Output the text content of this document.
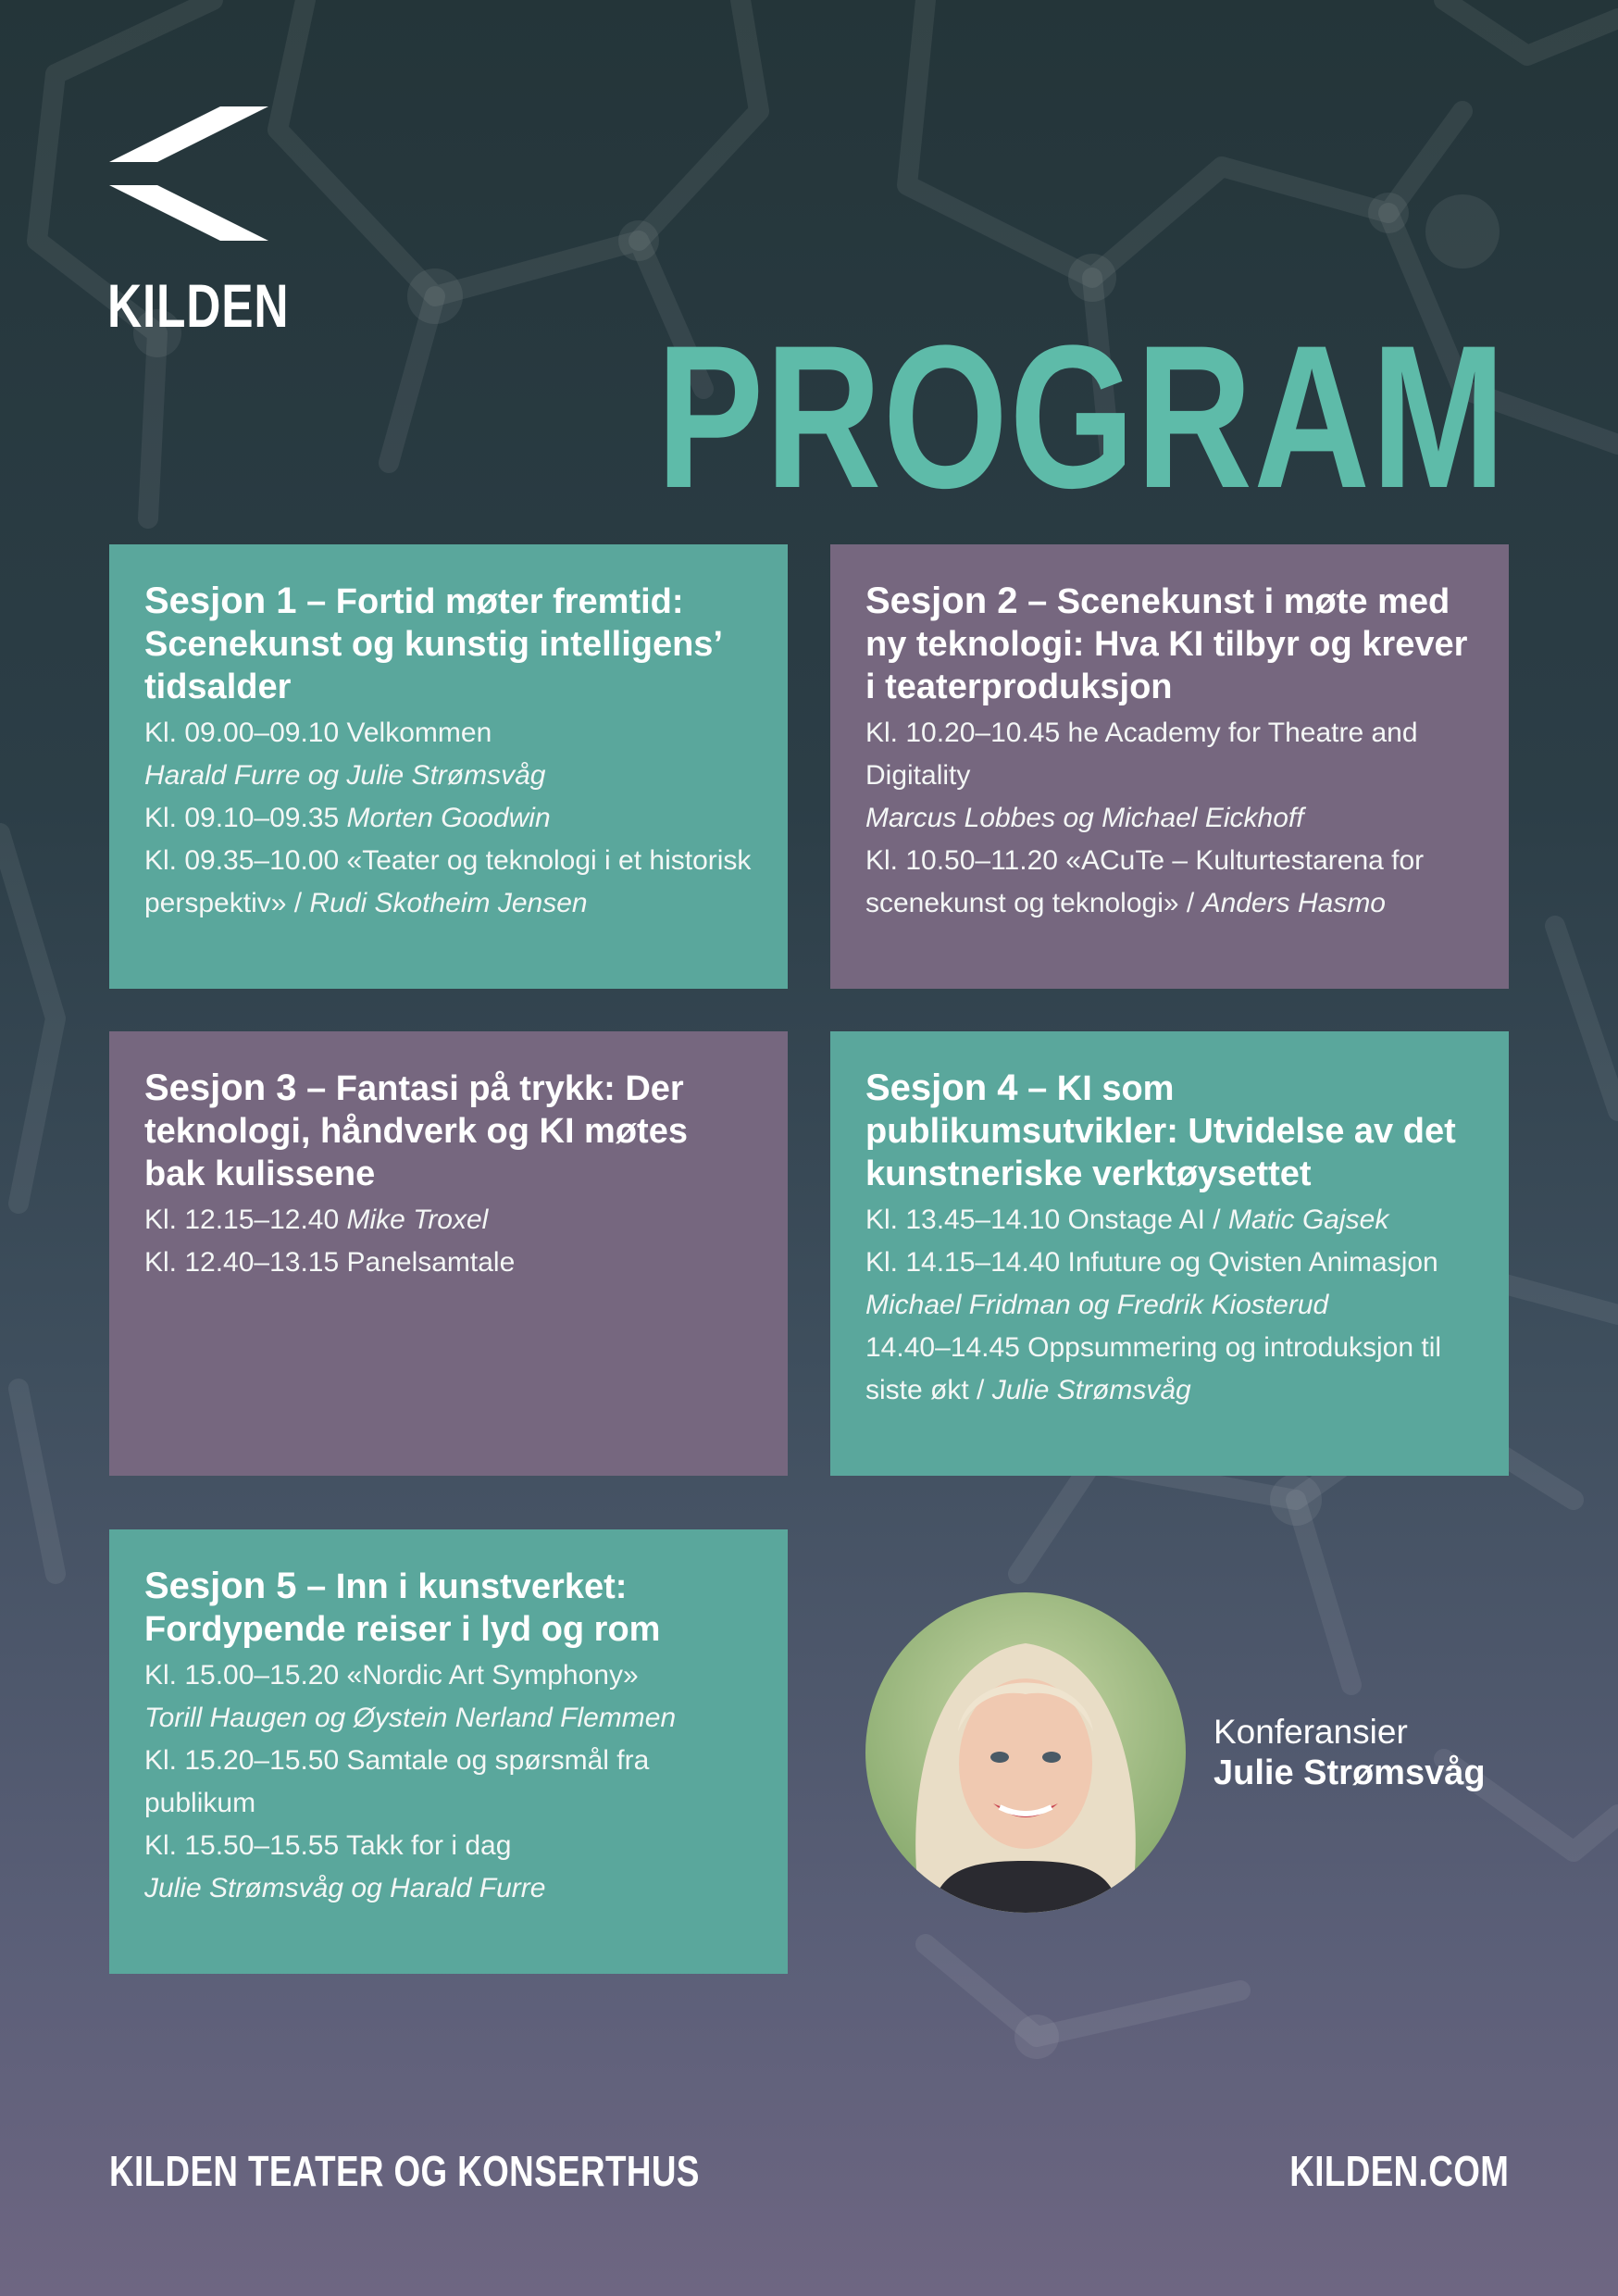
KILDEN PROGRAM
Sesjon 1 – Fortid møter fremtid: Scenekunst og kunstig intelligens’ tidsalder
Kl. 09.00–09.10 Velkommen
Harald Furre og Julie Strømsvåg
Kl. 09.10–09.35 Morten Goodwin
Kl. 09.35–10.00 «Teater og teknologi i et historisk perspektiv» / Rudi Skotheim Jensen
Sesjon 2 – Scenekunst i møte med ny teknologi: Hva KI tilbyr og krever i teaterproduksjon
Kl. 10.20–10.45 he Academy for Theatre and Digitality
Marcus Lobbes og Michael Eickhoff
Kl. 10.50–11.20 «ACuTe – Kulturtestarena for scenekunst og teknologi» / Anders Hasmo
Sesjon 3 – Fantasi på trykk: Der teknologi, håndverk og KI møtes bak kulissene
Kl. 12.15–12.40 Mike Troxel
Kl. 12.40–13.15 Panelsamtale
Sesjon 4 – KI som publikumsutvikler: Utvidelse av det kunstneriske verktøysettet
Kl. 13.45–14.10 Onstage AI / Matic Gajsek
Kl. 14.15–14.40 Infuture og Qvisten Animasjon
Michael Fridman og Fredrik Kiosterud
14.40–14.45 Oppsummering og introduksjon til siste økt / Julie Strømsvåg
Sesjon 5 – Inn i kunstverket: Fordypende reiser i lyd og rom
Kl. 15.00–15.20 «Nordic Art Symphony»
Torill Haugen og Øystein Nerland Flemmen
Kl. 15.20–15.50 Samtale og spørsmål fra publikum
Kl. 15.50–15.55 Takk for i dag
Julie Strømsvåg og Harald Furre
Konferansier
Julie Strømsvåg
KILDEN TEATER OG KONSERTHUS	KILDEN.COM
